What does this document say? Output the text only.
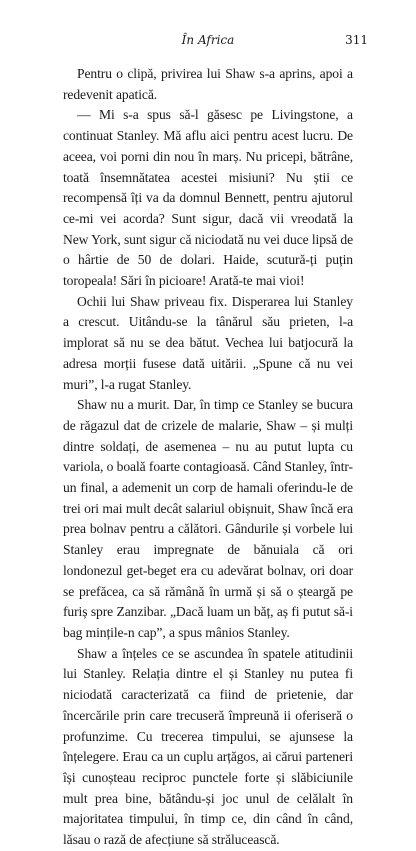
În Africa	311

Pentru o clipă, privirea lui Shaw s-a aprins, apoi a redevenit apatică.

— Mi s-a spus să-l găsesc pe Livingstone, a continuat Stanley. Mă aflu aici pentru acest lucru. De aceea, voi porni din nou în marș. Nu pricepi, bătrâne, toată însemnătatea acestei misiuni? Nu știi ce recompensă îți va da domnul Bennett, pentru ajutorul ce-mi vei acorda? Sunt sigur, dacă vii vreodată la New York, sunt sigur că niciodată nu vei duce lipsă de o hârtie de 50 de dolari. Haide, scutură-ți puțin toropeala! Sări în picioare! Arată-te mai vioi!

Ochii lui Shaw priveau fix. Disperarea lui Stanley a crescut. Uitându-se la tânărul său prieten, l-a implorat să nu se dea bătut. Vechea lui batjocură la adresa morții fusese dată uitării. „Spune că nu vei muri”, l-a rugat Stanley.

Shaw nu a murit. Dar, în timp ce Stanley se bucura de răgazul dat de crizele de malarie, Shaw – și mulți dintre soldați, de asemenea – nu au putut lupta cu variola, o boală foarte contagioasă. Când Stanley, într-un final, a ademenit un corp de hamali oferindu-le de trei ori mai mult decât salariul obișnuit, Shaw încă era prea bolnav pentru a călători. Gândurile și vorbele lui Stanley erau impregnate de bănuiala că ori londonezul get-beget era cu adevărat bolnav, ori doar se prefăcea, ca să rămână în urmă și să o șteargă pe furiș spre Zanzibar. „Dacă luam un băț, aș fi putut să-i bag mințile-n cap”, a spus mânios Stanley.

Shaw a înțeles ce se ascundea în spatele atitudinii lui Stanley. Relația dintre el și Stanley nu putea fi niciodată caracterizată ca fiind de prietenie, dar încercările prin care trecuseră împreună ii oferiseră o profunzime. Cu trecerea timpului, se ajunsese la înțelegere. Erau ca un cuplu arțăgos, ai cărui parteneri își cunoșteau reciproc punctele forte și slăbiciunile mult prea bine, bătându-și joc unul de celălalt în majoritatea timpului, în timp ce, din când în când, lăsau o rază de afecțiune să strălucească.
